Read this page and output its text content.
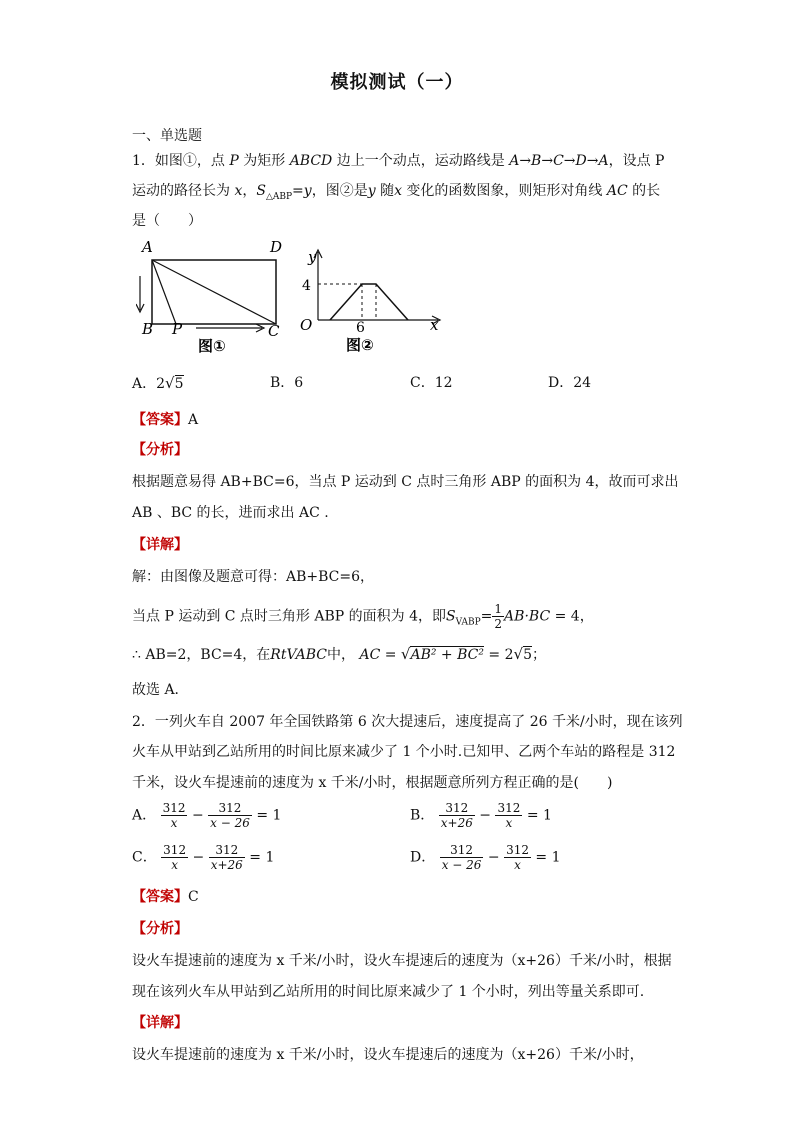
模拟测试（一）
一、单选题
1．如图①，点 P 为矩形 ABCD 边上一个动点，运动路线是 A→B→C→D→A，设点 P
运动的路径长为 x，$S_{\triangle ABP}=y$，图②是y 随x 变化的函数图象，则矩形对角线 AC 的长
是（　　）
A	D
B P	C
图①
y
4
O	6	x
图②
A．2√5	B．6	C．12	D．24
【答案】A
【分析】
根据题意易得 AB+BC=6，当点 P 运动到 C 点时三角形 ABP 的面积为 4，故而可求出
AB 、BC 的长，进而求出 AC .
【详解】
解：由图像及题意可得：AB+BC=6，
当点 P 运动到 C 点时三角形 ABP 的面积为 4，即$S_{VABP}= \frac{1}{2} AB\cdot BC = 4$，
∴ AB=2，BC=4，在RtVABC中， AC = √AB² + BC² = 2√5；
故选 A．
2．一列火车自 2007 年全国铁路第 6 次大提速后，速度提高了 26 千米/小时，现在该列
火车从甲站到乙站所用的时间比原来减少了 1 个小时.已知甲、乙两个车站的路程是 312
千米，设火车提速前的速度为 x 千米/小时，根据题意所列方程正确的是(　　)
A． $\frac{312}{x} - \frac{312}{x - 26} = 1$	B． $\frac{312}{x+26} - \frac{312}{x} = 1$
C． $\frac{312}{x} - \frac{312}{x+26} = 1$	D． $\frac{312}{x - 26} - \frac{312}{x} = 1$
【答案】C
【分析】
设火车提速前的速度为 x 千米/小时，设火车提速后的速度为（x+26）千米/小时，根据
现在该列火车从甲站到乙站所用的时间比原来减少了 1 个小时，列出等量关系即可.
【详解】
设火车提速前的速度为 x 千米/小时，设火车提速后的速度为（x+26）千米/小时，
